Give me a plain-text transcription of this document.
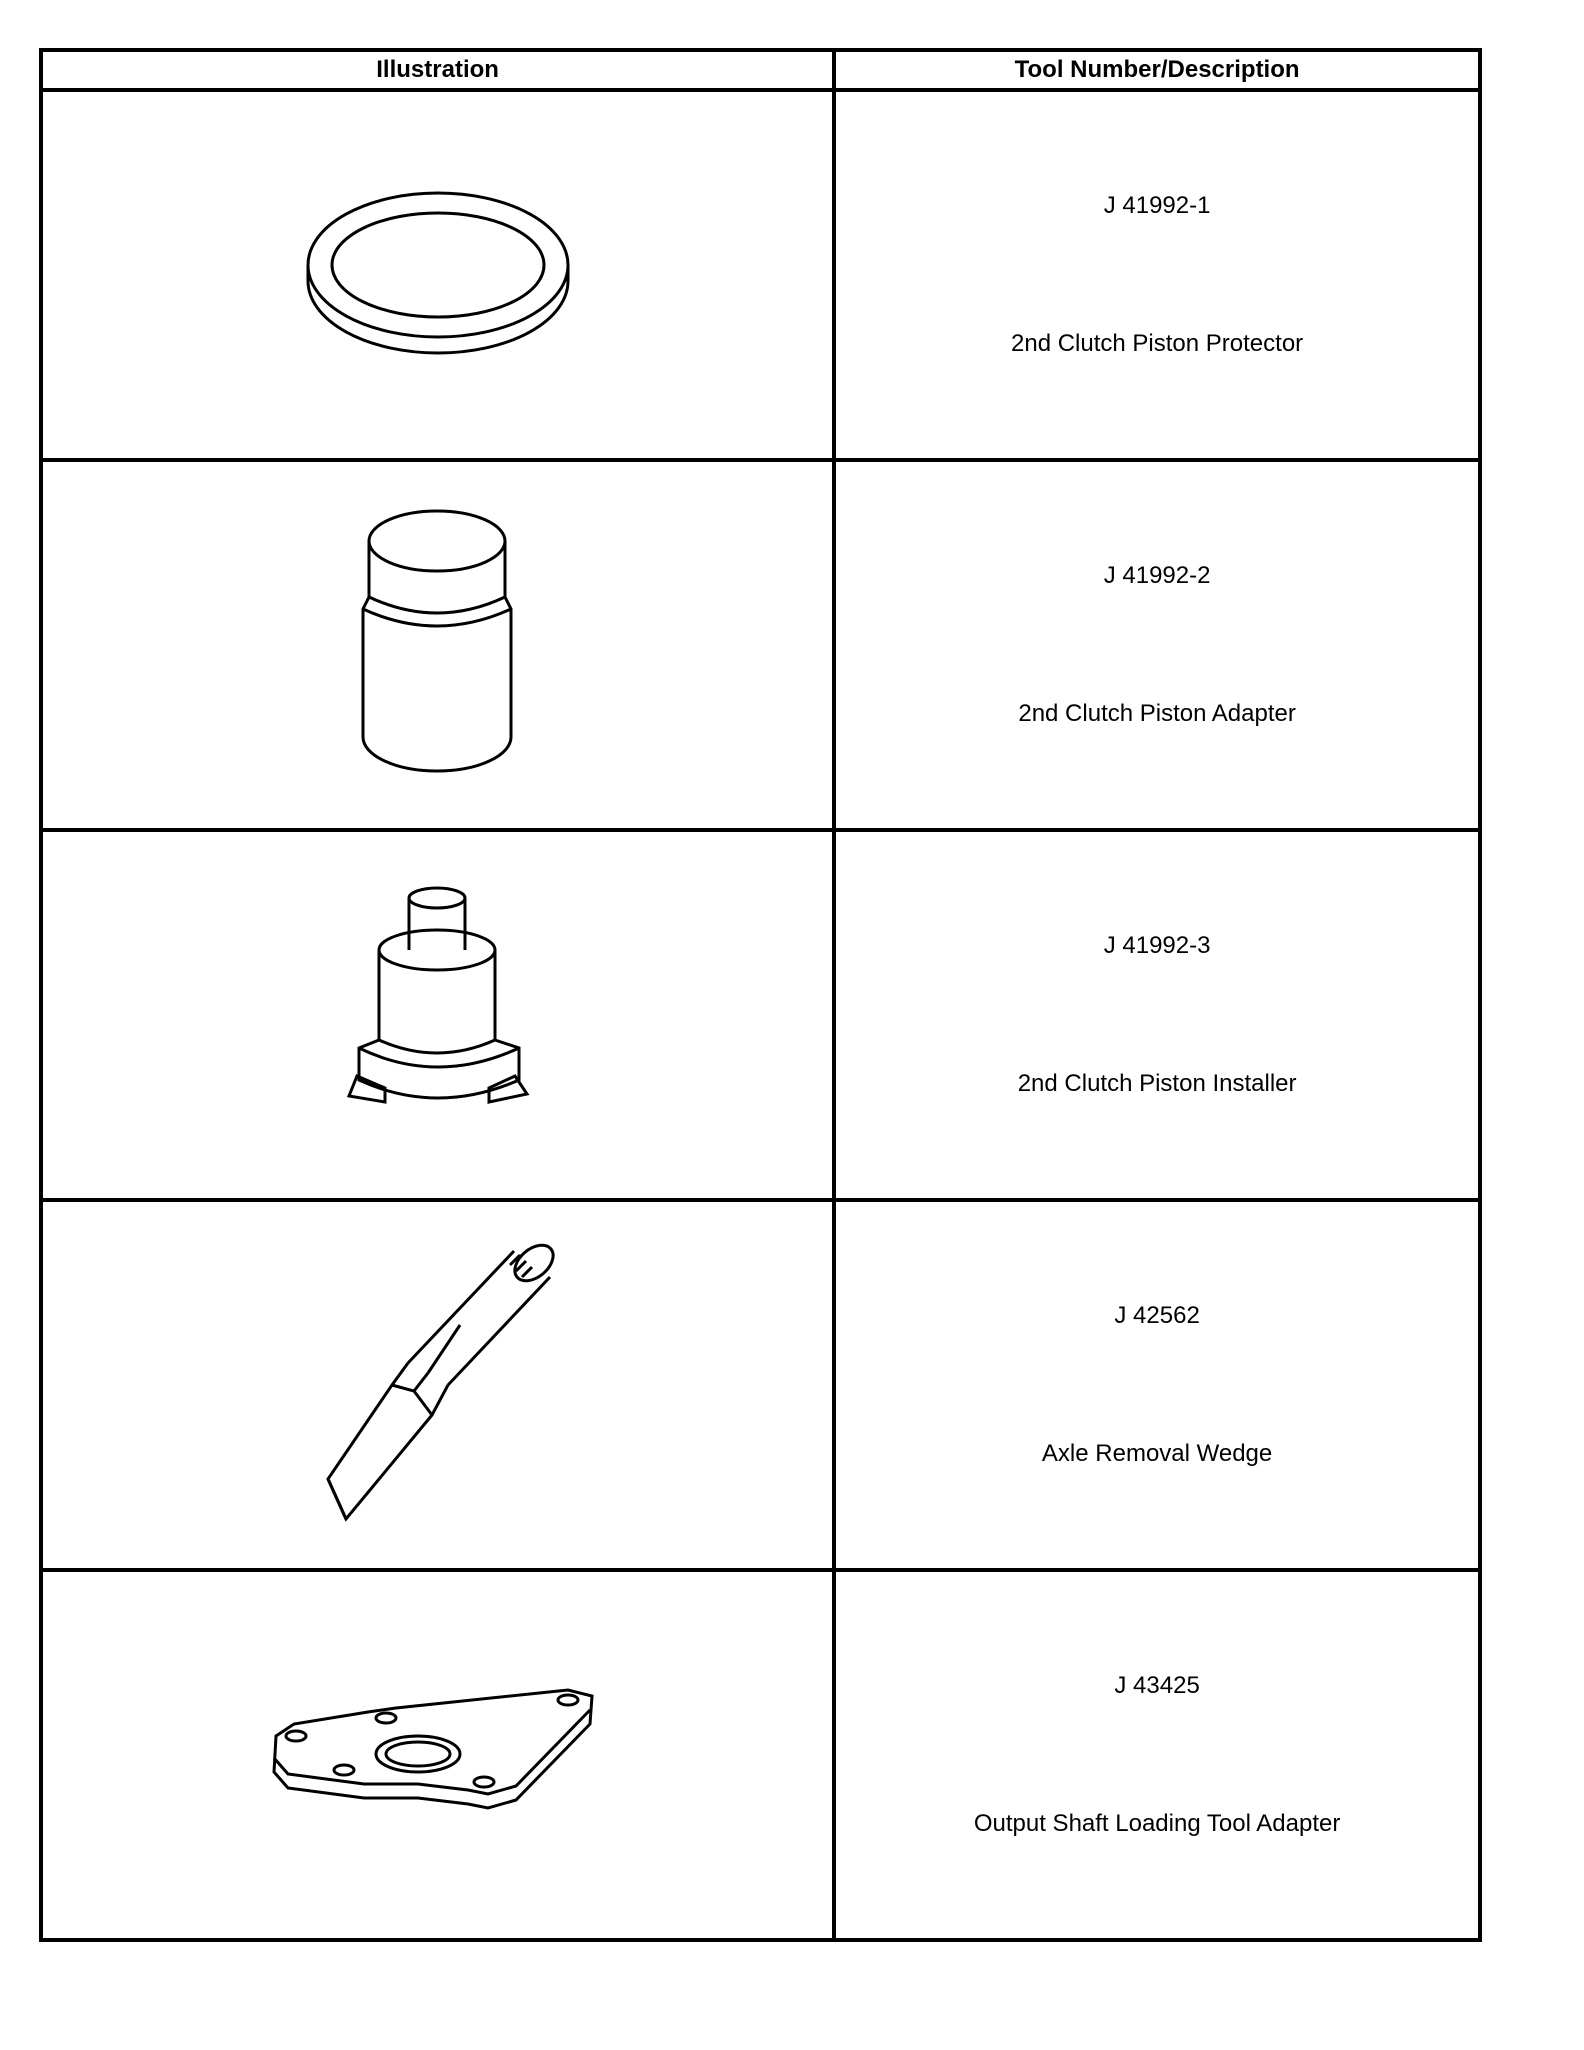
Illustration	Tool Number/Description

J 41992-1
2nd Clutch Piston Protector

J 41992-2
2nd Clutch Piston Adapter

J 41992-3
2nd Clutch Piston Installer

J 42562
Axle Removal Wedge

J 43425
Output Shaft Loading Tool Adapter
